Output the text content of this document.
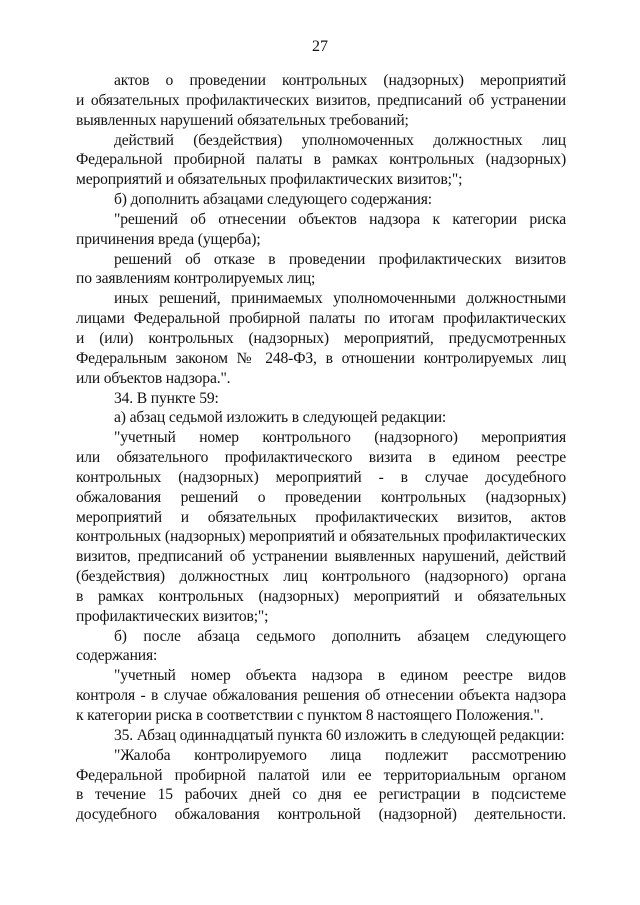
27
актов о проведении контрольных (надзорных) мероприятий
и обязательных профилактических визитов, предписаний об устранении
выявленных нарушений обязательных требований;
действий (бездействия) уполномоченных должностных лиц
Федеральной пробирной палаты в рамках контрольных (надзорных)
мероприятий и обязательных профилактических визитов;";
б) дополнить абзацами следующего содержания:
"решений об отнесении объектов надзора к категории риска
причинения вреда (ущерба);
решений об отказе в проведении профилактических визитов
по заявлениям контролируемых лиц;
иных решений, принимаемых уполномоченными должностными
лицами Федеральной пробирной палаты по итогам профилактических
и (или) контрольных (надзорных) мероприятий, предусмотренных
Федеральным законом № 248-ФЗ, в отношении контролируемых лиц
или объектов надзора.".
34. В пункте 59:
а) абзац седьмой изложить в следующей редакции:
"учетный номер контрольного (надзорного) мероприятия
или обязательного профилактического визита в едином реестре
контрольных (надзорных) мероприятий - в случае досудебного
обжалования решений о проведении контрольных (надзорных)
мероприятий и обязательных профилактических визитов, актов
контрольных (надзорных) мероприятий и обязательных профилактических
визитов, предписаний об устранении выявленных нарушений, действий
(бездействия) должностных лиц контрольного (надзорного) органа
в рамках контрольных (надзорных) мероприятий и обязательных
профилактических визитов;";
б) после абзаца седьмого дополнить абзацем следующего
содержания:
"учетный номер объекта надзора в едином реестре видов
контроля - в случае обжалования решения об отнесении объекта надзора
к категории риска в соответствии с пунктом 8 настоящего Положения.".
35. Абзац одиннадцатый пункта 60 изложить в следующей редакции:
"Жалоба контролируемого лица подлежит рассмотрению
Федеральной пробирной палатой или ее территориальным органом
в течение 15 рабочих дней со дня ее регистрации в подсистеме
досудебного обжалования контрольной (надзорной) деятельности.
